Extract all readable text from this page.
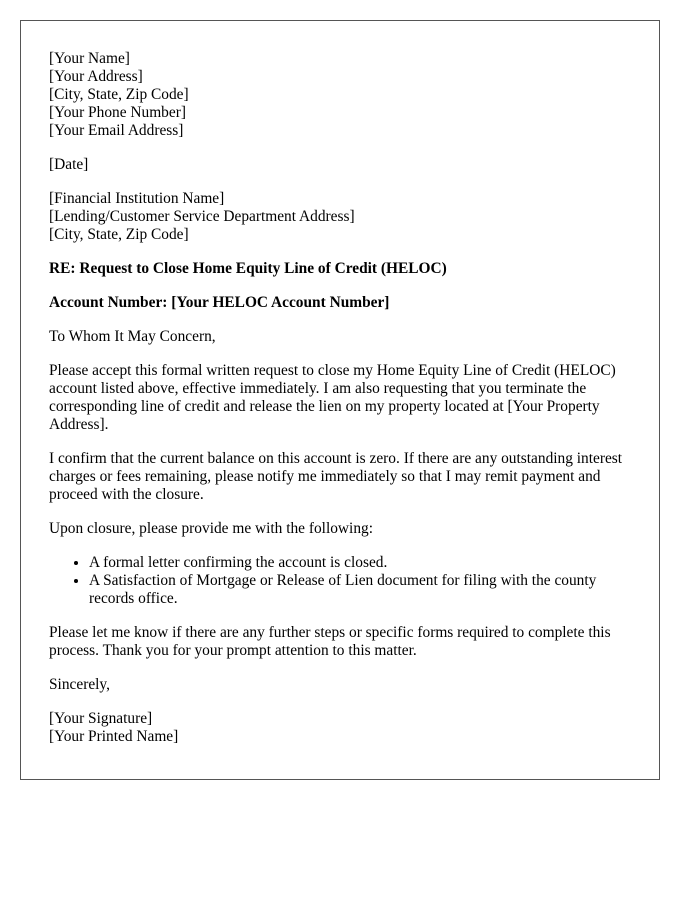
[Your Name]
[Your Address]
[City, State, Zip Code]
[Your Phone Number]
[Your Email Address]

[Date]

[Financial Institution Name]
[Lending/Customer Service Department Address]
[City, State, Zip Code]

RE: Request to Close Home Equity Line of Credit (HELOC)

Account Number: [Your HELOC Account Number]

To Whom It May Concern,

Please accept this formal written request to close my Home Equity Line of Credit (HELOC) account listed above, effective immediately. I am also requesting that you terminate the corresponding line of credit and release the lien on my property located at [Your Property Address].

I confirm that the current balance on this account is zero. If there are any outstanding interest charges or fees remaining, please notify me immediately so that I may remit payment and proceed with the closure.

Upon closure, please provide me with the following:

• A formal letter confirming the account is closed.
• A Satisfaction of Mortgage or Release of Lien document for filing with the county records office.

Please let me know if there are any further steps or specific forms required to complete this process. Thank you for your prompt attention to this matter.

Sincerely,

[Your Signature]
[Your Printed Name]
